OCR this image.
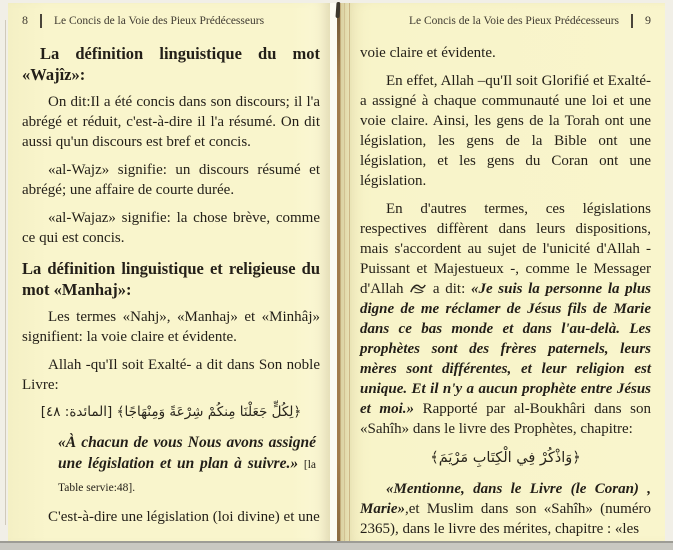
8 Le Concis de la Voie des Pieux Prédécesseurs
La définition linguistique du mot «Wajîz»:

On dit:Il a été concis dans son discours; il l'a abrégé et réduit, c'est-à-dire il l'a résumé. On dit aussi qu'un discours est bref et concis.

«al-Wajz» signifie: un discours résumé et abrégé; une affaire de courte durée.

«al-Wajaz» signifie: la chose brève, comme ce qui est concis.

La définition linguistique et religieuse du mot «Manhaj»:

Les termes «Nahj», «Manhaj» et «Minhâj» signifient: la voie claire et évidente.

Allah -qu'Il soit Exalté- a dit dans Son noble Livre:

﴿لِكُلٍّ جَعَلْنَا مِنكُمْ شِرْعَةً وَمِنْهَاجًا﴾ [المائدة: ٤٨]
«À chacun de vous Nous avons assigné une législation et un plan à suivre.» [la Table servie:48].

C'est-à-dire une législation (loi divine) et une

Le Concis de la Voie des Pieux Prédécesseurs 9

voie claire et évidente.

En effet, Allah –qu'Il soit Glorifié et Exalté- a assigné à chaque communauté une loi et une voie claire. Ainsi, les gens de la Torah ont une législation, les gens de la Bible ont une législation, et les gens du Coran ont une législation.

En d'autres termes, ces législations respectives diffèrent dans leurs dispositions, mais s'accordent au sujet de l'unicité d'Allah - Puissant et Majestueux -, comme le Messager d'Allah a dit: «Je suis la personne la plus digne de me réclamer de Jésus fils de Marie dans ce bas monde et dans l'au-delà. Les prophètes sont des frères paternels, leurs mères sont différentes, et leur religion est unique. Et il n'y a aucun prophète entre Jésus et moi.» Rapporté par al-Boukhâri dans son «Sahîh» dans le livre des Prophètes, chapitre:

﴿وَاذْكُرْ فِي الْكِتَابِ مَرْيَمَ﴾

«Mentionne, dans le Livre (le Coran) , Marie»,et Muslim dans son «Sahîh» (numéro 2365), dans le livre des mérites, chapitre : «les
